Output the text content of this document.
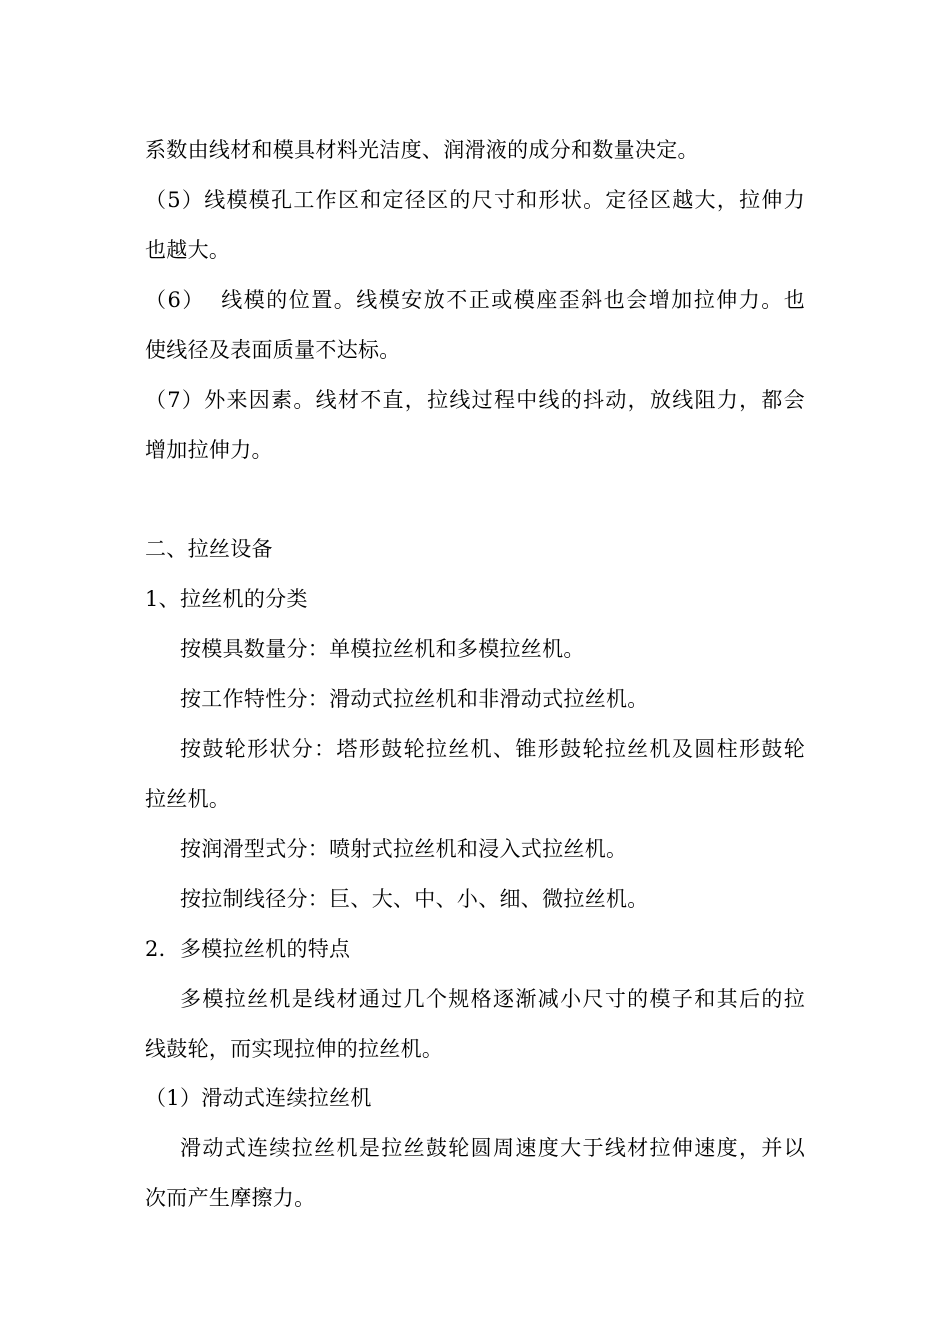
系数由线材和模具材料光洁度、润滑液的成分和数量决定。
（5）线模模孔工作区和定径区的尺寸和形状。定径区越大，拉伸力
也越大。
（6）  线模的位置。线模安放不正或模座歪斜也会增加拉伸力。也
使线径及表面质量不达标。
（7）外来因素。线材不直，拉线过程中线的抖动，放线阻力，都会
增加拉伸力。
二、拉丝设备
1、拉丝机的分类
按模具数量分：单模拉丝机和多模拉丝机。
按工作特性分：滑动式拉丝机和非滑动式拉丝机。
按鼓轮形状分：塔形鼓轮拉丝机、锥形鼓轮拉丝机及圆柱形鼓轮
拉丝机。
按润滑型式分：喷射式拉丝机和浸入式拉丝机。
按拉制线径分：巨、大、中、小、细、微拉丝机。
2．多模拉丝机的特点
多模拉丝机是线材通过几个规格逐渐减小尺寸的模子和其后的拉
线鼓轮，而实现拉伸的拉丝机。
（1）滑动式连续拉丝机
滑动式连续拉丝机是拉丝鼓轮圆周速度大于线材拉伸速度，并以
次而产生摩擦力。
